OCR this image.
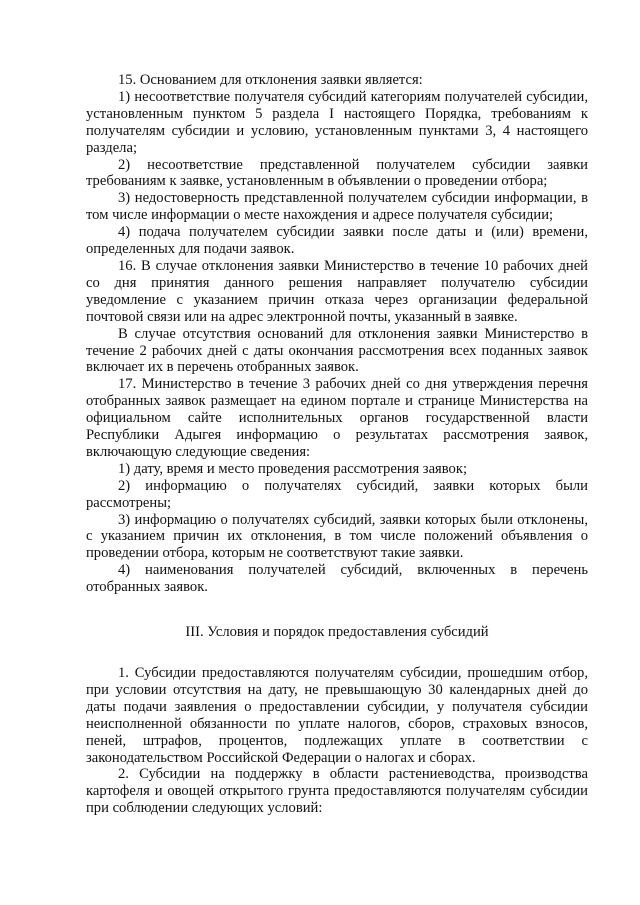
15. Основанием для отклонения заявки является:

1) несоответствие получателя субсидий категориям получателей субсидии, установленным пунктом 5 раздела I настоящего Порядка, требованиям к получателям субсидии и условию, установленным пунктами 3, 4 настоящего раздела;

2) несоответствие представленной получателем субсидии заявки требованиям к заявке, установленным в объявлении о проведении отбора;

3) недостоверность представленной получателем субсидии информации, в том числе информации о месте нахождения и адресе получателя субсидии;

4) подача получателем субсидии заявки после даты и (или) времени, определенных для подачи заявок.

16. В случае отклонения заявки Министерство в течение 10 рабочих дней со дня принятия данного решения направляет получателю субсидии уведомление с указанием причин отказа через организации федеральной почтовой связи или на адрес электронной почты, указанный в заявке.

В случае отсутствия оснований для отклонения заявки Министерство в течение 2 рабочих дней с даты окончания рассмотрения всех поданных заявок включает их в перечень отобранных заявок.

17. Министерство в течение 3 рабочих дней со дня утверждения перечня отобранных заявок размещает на едином портале и странице Министерства на официальном сайте исполнительных органов государственной власти Республики Адыгея информацию о результатах рассмотрения заявок, включающую следующие сведения:

1) дату, время и место проведения рассмотрения заявок;

2) информацию о получателях субсидий, заявки которых были рассмотрены;

3) информацию о получателях субсидий, заявки которых были отклонены, с указанием причин их отклонения, в том числе положений объявления о проведении отбора, которым не соответствуют такие заявки.

4) наименования получателей субсидий, включенных в перечень отобранных заявок.

III. Условия и порядок предоставления субсидий

1. Субсидии предоставляются получателям субсидии, прошедшим отбор, при условии отсутствия на дату, не превышающую 30 календарных дней до даты подачи заявления о предоставлении субсидии, у получателя субсидии неисполненной обязанности по уплате налогов, сборов, страховых взносов, пеней, штрафов, процентов, подлежащих уплате в соответствии с законодательством Российской Федерации о налогах и сборах.

2. Субсидии на поддержку в области растениеводства, производства картофеля и овощей открытого грунта предоставляются получателям субсидии при соблюдении следующих условий:
